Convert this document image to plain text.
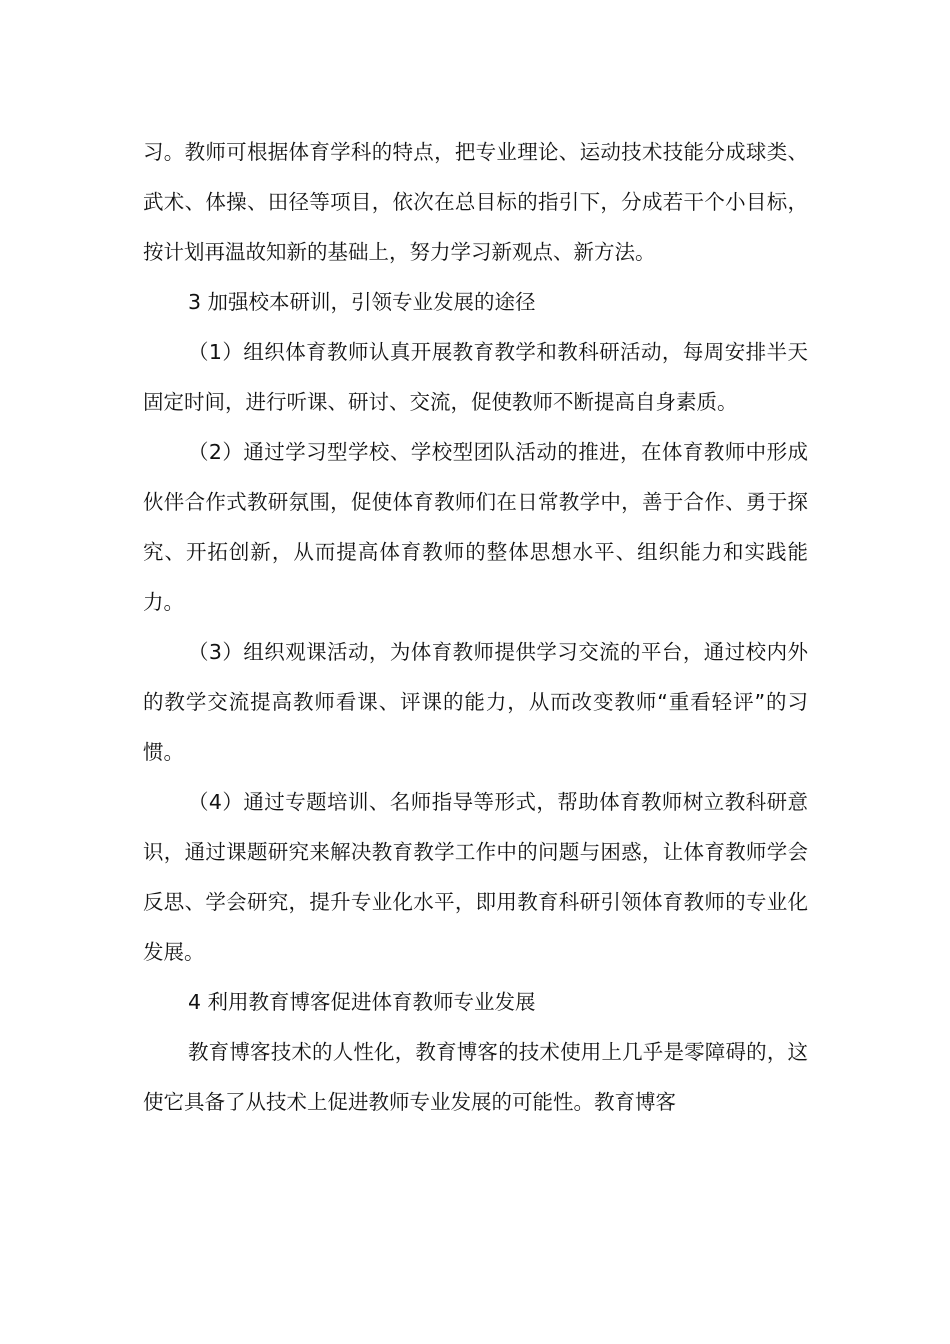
习。教师可根据体育学科的特点，把专业理论、运动技术技能分成球类、武术、体操、田径等项目，依次在总目标的指引下，分成若干个小目标，按计划再温故知新的基础上，努力学习新观点、新方法。

3 加强校本研训，引领专业发展的途径

（1）组织体育教师认真开展教育教学和教科研活动，每周安排半天固定时间，进行听课、研讨、交流，促使教师不断提高自身素质。

（2）通过学习型学校、学校型团队活动的推进，在体育教师中形成伙伴合作式教研氛围，促使体育教师们在日常教学中，善于合作、勇于探究、开拓创新，从而提高体育教师的整体思想水平、组织能力和实践能力。

（3）组织观课活动，为体育教师提供学习交流的平台，通过校内外的教学交流提高教师看课、评课的能力，从而改变教师“重看轻评”的习惯。

（4）通过专题培训、名师指导等形式，帮助体育教师树立教科研意识，通过课题研究来解决教育教学工作中的问题与困惑，让体育教师学会反思、学会研究，提升专业化水平，即用教育科研引领体育教师的专业化发展。

4 利用教育博客促进体育教师专业发展

教育博客技术的人性化，教育博客的技术使用上几乎是零障碍的，这使它具备了从技术上促进教师专业发展的可能性。教育博客
